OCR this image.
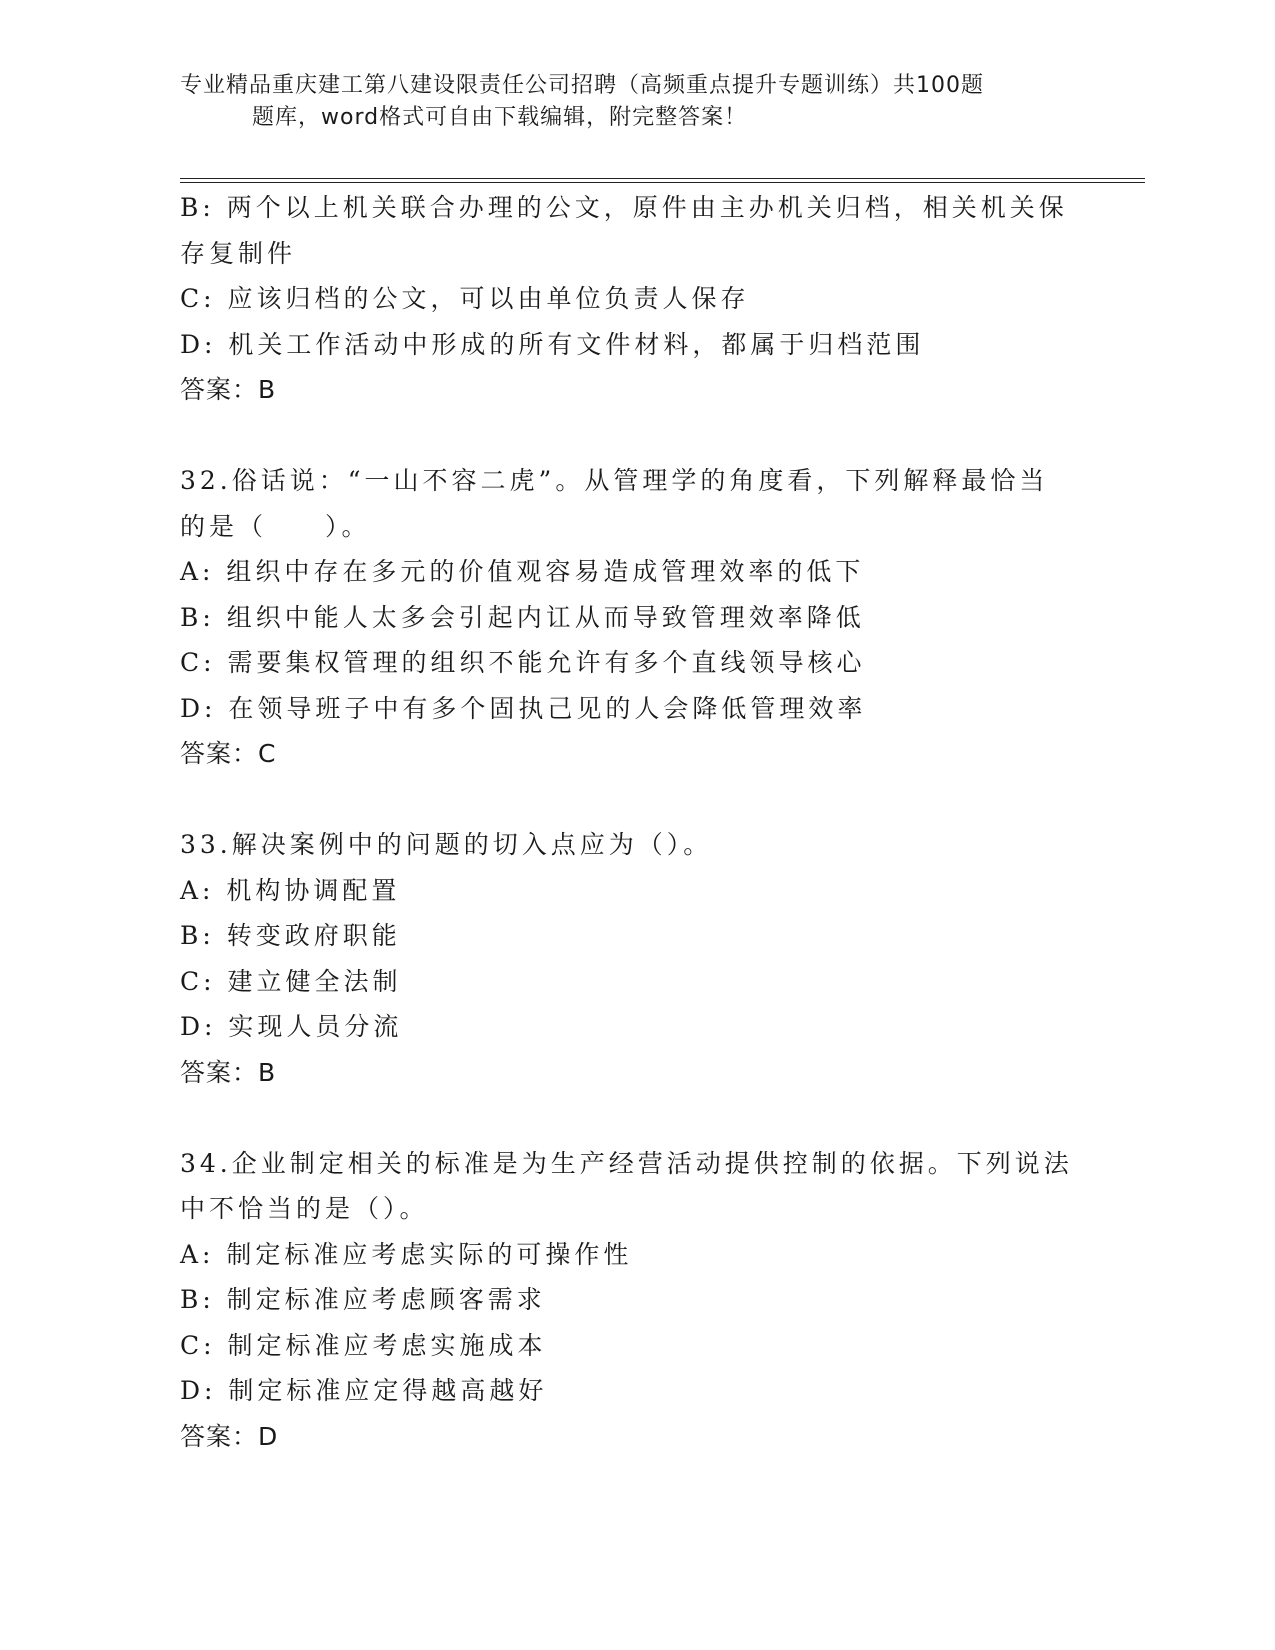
专业精品重庆建工第八建设限责任公司招聘（高频重点提升专题训练）共100题
题库，word格式可自由下载编辑，附完整答案！
B: 两个以上机关联合办理的公文，原件由主办机关归档，相关机关保
存复制件
C: 应该归档的公文，可以由单位负责人保存
D: 机关工作活动中形成的所有文件材料，都属于归档范围
答案：B
32.俗话说：“一山不容二虎”。从管理学的角度看，下列解释最恰当
的是（　　）。
A: 组织中存在多元的价值观容易造成管理效率的低下
B: 组织中能人太多会引起内讧从而导致管理效率降低
C: 需要集权管理的组织不能允许有多个直线领导核心
D: 在领导班子中有多个固执己见的人会降低管理效率
答案：C
33.解决案例中的问题的切入点应为（）。
A: 机构协调配置
B: 转变政府职能
C: 建立健全法制
D: 实现人员分流
答案：B
34.企业制定相关的标准是为生产经营活动提供控制的依据。下列说法
中不恰当的是（）。
A: 制定标准应考虑实际的可操作性
B: 制定标准应考虑顾客需求
C: 制定标准应考虑实施成本
D: 制定标准应定得越高越好
答案：D
